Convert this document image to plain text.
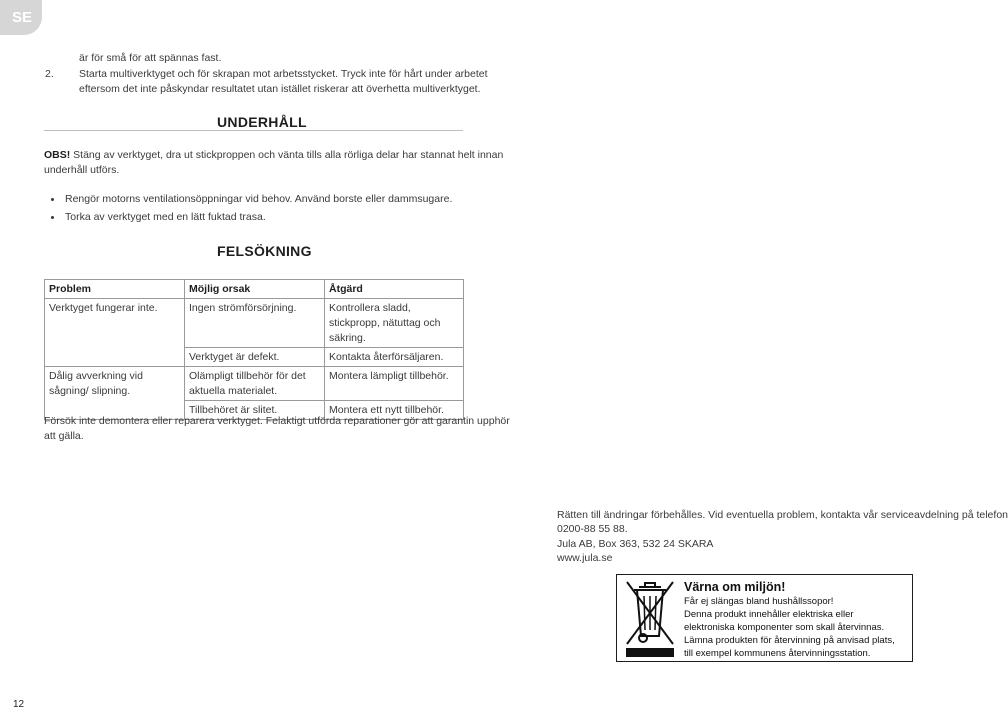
SE
är för små för att spännas fast.
2. Starta multiverktyget och för skrapan mot arbetsstycket. Tryck inte för hårt under arbetet
eftersom det inte påskyndar resultatet utan istället riskerar att överhetta multiverktyget.
UNDERHÅLL
OBS! Stäng av verktyget, dra ut stickproppen och vänta tills alla rörliga delar har stannat helt innan
underhåll utförs.
Rengör motorns ventilationsöppningar vid behov. Använd borste eller dammsugare.
Torka av verktyget med en lätt fuktad trasa.
FELSÖKNING
Problem	Möjlig orsak	Åtgärd
Verktyget fungerar inte.	Ingen strömförsörjning.	Kontrollera sladd, stickpropp, nätuttag och säkring.
	Verktyget är defekt.	Kontakta återförsäljaren.
Dålig avverkning vid sågning/ slipning.	Olämpligt tillbehör för det aktuella materialet.	Montera lämpligt tillbehör.
	Tillbehöret är slitet.	Montera ett nytt tillbehör.
Försök inte demontera eller reparera verktyget. Felaktigt utförda reparationer gör att garantin upphör
att gälla.
Rätten till ändringar förbehålles. Vid eventuella problem, kontakta vår serviceavdelning på telefon
0200-88 55 88.
Jula AB, Box 363, 532 24 SKARA
www.jula.se
Värna om miljön!
Får ej slängas bland hushållssopor!
Denna produkt innehåller elektriska eller
elektroniska komponenter som skall återvinnas.
Lämna produkten för återvinning på anvisad plats,
till exempel kommunens återvinningsstation.
12
